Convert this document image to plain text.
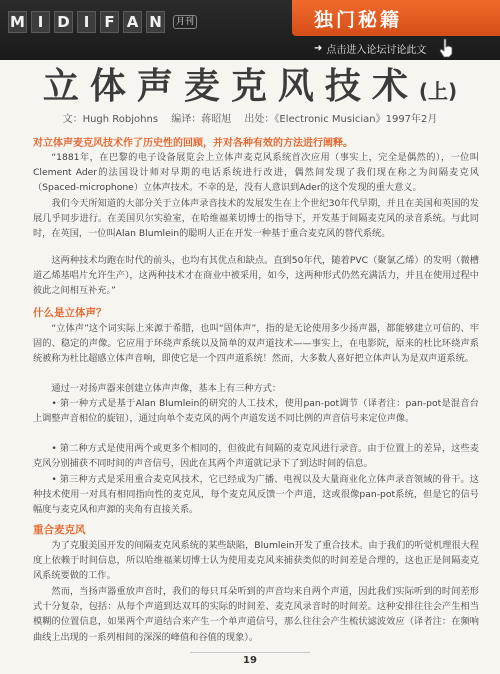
M I D I	F A N	月刊	独门秘籍
➜ 点击进入论坛讨论此文
立体声麦克风技术(上)
文：Hugh Robjohns 编译：蒋昭旭 出处：《Electronic Musician》1997年2月
对立体声麦克风技术作了历史性的回顾，并对各种有效的方法进行阐释。

“1881年，在巴黎的电子设备展览会上立体声麦克风系统首次应用（事实上，完全是偶然的），一位叫Clement Ader的法国设计师对早期的电话系统进行改进，偶然间发现了我们现在称之为间隔麦克风（Spaced-microphone）立体声技术。不幸的是，没有人意识到Ader的这个发现的重大意义。

我们今天所知道的大部分关于立体声录音技术的发展发生在上个世纪30年代早期，并且在美国和英国的发展几乎同步进行。在美国贝尔实验室，在哈维福莱切博士的指导下，开发基于间隔麦克风的录音系统。与此同时，在英国，一位叫Alan Blumlein的聪明人正在开发一种基于重合麦克风的替代系统。

这两种技术均跑在时代的前头，也均有其优点和缺点。直到50年代，随着PVC（聚氯乙烯）的发明（微槽道乙烯基唱片允许生产），这两种技术才在商业中被采用，如今，这两种形式仍然充满活力，并且在使用过程中彼此之间相互补充。”

什么是立体声？

“立体声”这个词实际上来源于希腊，也叫“固体声”，指的是无论使用多少扬声器，都能够建立可信的、牢固的、稳定的声像。它应用于环绕声系统以及简单的双声道技术——事实上，在电影院，原来的杜比环绕声系统被称为杜比超感立体声音响，即使它是一个四声道系统！然而，大多数人喜好把立体声认为是双声道系统。

通过一对扬声器来创建立体声声像，基本上有三种方式：

• 第一种方式是基于Alan Blumlein的研究的人工技术，使用pan-pot调节（译者注：pan-pot是混音台上调整声音相位的旋钮），通过向单个麦克风的两个声道发送不同比例的声音信号来定位声像。

• 第二种方式是使用两个或更多个相同的，但彼此有间隔的麦克风进行录音。由于位置上的差异，这些麦克风分别捕获不同时间的声音信号，因此在其两个声道就记录下了到达时间的信息。

• 第三种方式是采用重合麦克风技术，它已经成为广播、电视以及大量商业化立体声录音领域的骨干。这种技术使用一对具有相同指向性的麦克风，每个麦克风反馈一个声道，这或很像pan-pot系统，但是它的信号幅度与麦克风和声源的夹角有直接关系。

重合麦克风

为了克服美国开发的间隔麦克风系统的某些缺陷，Blumlein开发了重合技术。由于我们的听觉机理很大程度上依赖于时间信息，所以哈维福莱切博士认为使用麦克风来捕获类似的时间差是合理的，这也正是间隔麦克风系统要做的工作。

然而，当扬声器重放声音时，我们的每只耳朵听到的声音均来自两个声道，因此我们实际听到的时间差形式十分复杂，包括：从每个声道到达双耳的实际的时间差、麦克风录音时的时间差。这种安排往往会产生相当模糊的位置信息，如果两个声道结合来产生一个单声道信号，那么往往会产生梳状滤波效应（译者注：在频响曲线上出现的一系列相间的深深的峰值和谷值的现象）。

19
